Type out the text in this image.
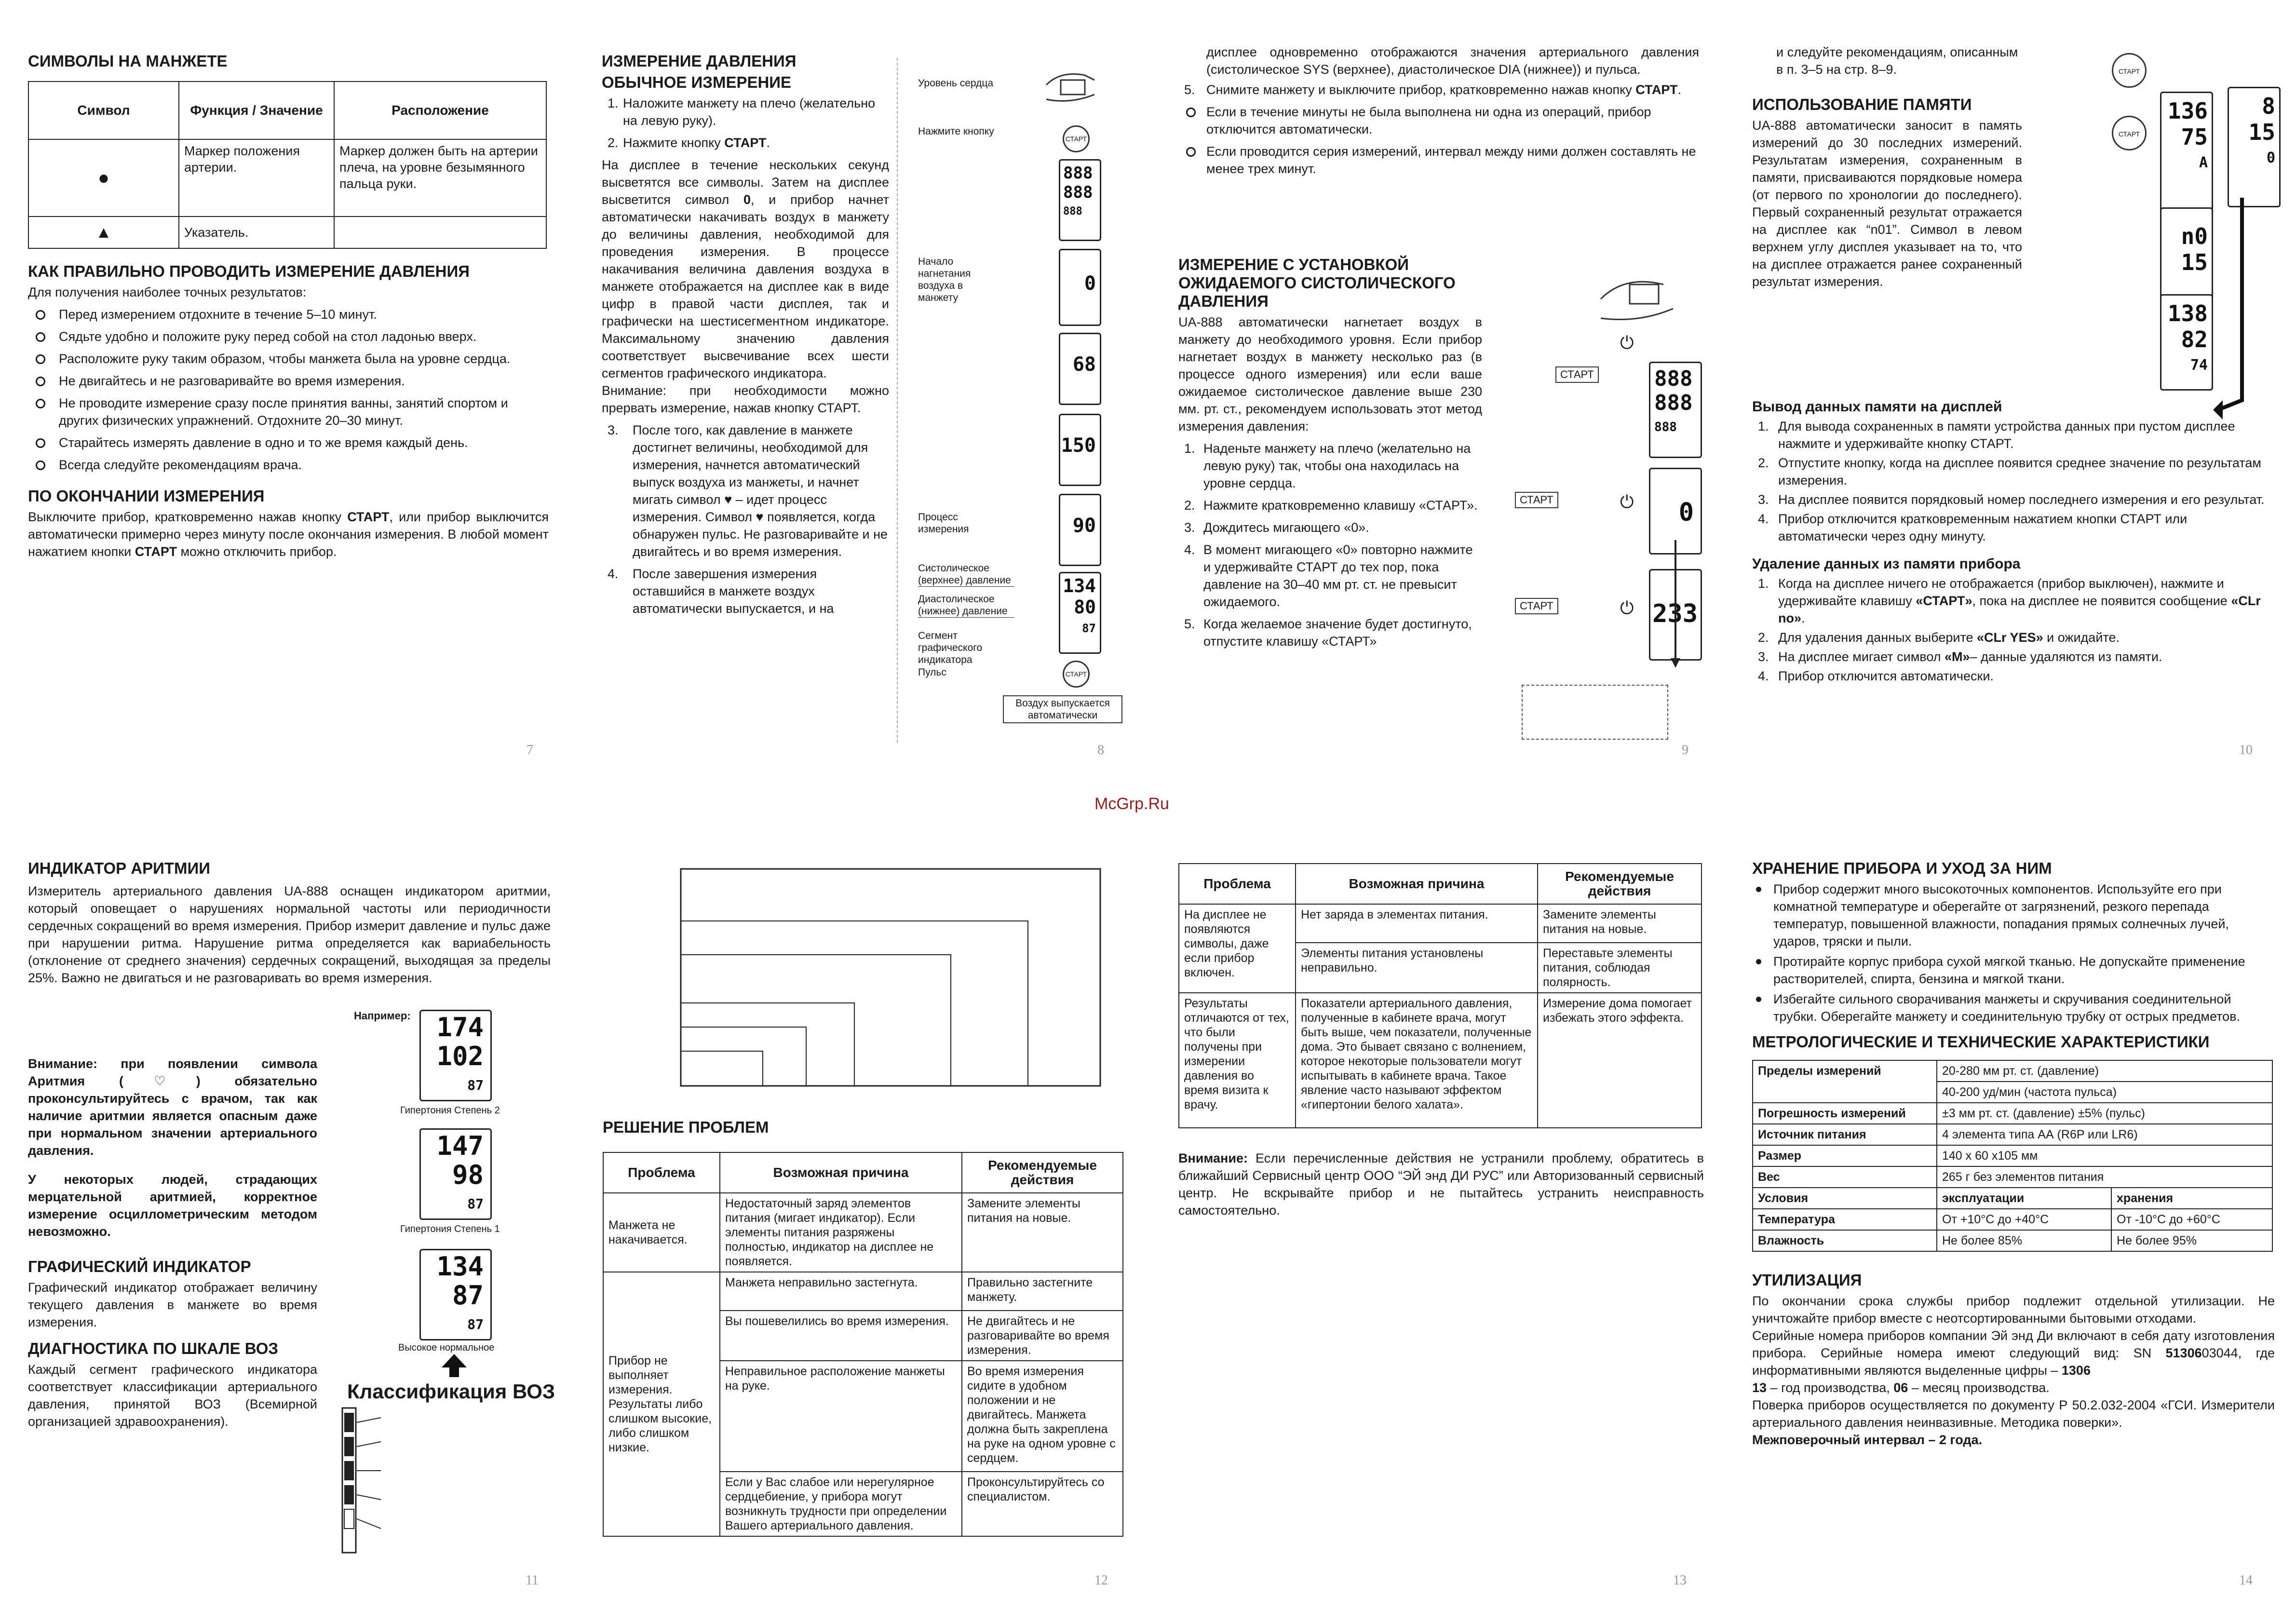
СИМВОЛЫ НА МАНЖЕТЕ
Символ	Функция / Значение	Расположение
●	Маркер положения артерии.	Маркер должен быть на артерии плеча, на уровне безымянного пальца руки.
▲	Указатель.	
КАК ПРАВИЛЬНО ПРОВОДИТЬ ИЗМЕРЕНИЕ ДАВЛЕНИЯ

Для получения наиболее точных результатов:

Перед измерением отдохните в течение 5–10 минут.
Сядьте удобно и положите руку перед собой на стол ладонью вверх.
Расположите руку таким образом, чтобы манжета была на уровне сердца.
Не двигайтесь и не разговаривайте во время измерения.
Не проводите измерение сразу после принятия ванны, занятий спортом и других физических упражнений. Отдохните 20–30 минут.
Старайтесь измерять давление в одно и то же время каждый день.
Всегда следуйте рекомендациям врача.
ПО ОКОНЧАНИИ ИЗМЕРЕНИЯ

Выключите прибор, кратковременно нажав кнопку СТАРТ, или прибор выключится автоматически примерно через минуту после окончания измерения. В любой момент нажатием кнопки СТАРТ можно отключить прибор.

7
ИЗМЕРЕНИЕ ДАВЛЕНИЯ
ОБЫЧНОЕ ИЗМЕРЕНИЕ
1. Наложите манжету на плечо (желательно на левую руку).
2. Нажмите кнопку СТАРТ.

На дисплее в течение нескольких секунд высветятся все символы. Затем на дисплее высветится символ 0, и прибор начнет автоматически накачивать воздух в манжету до величины давления, необходимой для проведения измерения. В процессе накачивания величина давления воздуха в манжете отображается на дисплее как в виде цифр в правой части дисплея, так и графически на шестисегментном индикаторе. Максимальному значению давления соответствует высвечивание всех шести сегментов графического индикатора.

Внимание: при необходимости можно прервать измерение, нажав кнопку СТАРТ.

3. После того, как давление в манжете достигнет величины, необходимой для измерения, начнется автоматический выпуск воздуха из манжеты, и начнет мигать символ ♥ – идет процесс измерения. Символ ♥ появляется, когда обнаружен пульс. Не разговаривайте и не двигайтесь и во время измерения.
4. После завершения измерения оставшийся в манжете воздух автоматически выпускается, и на
Уровень сердца
Нажмите кнопку
Начало нагнетания воздуха в манжету
Процесс измерения
Систолическое (верхнее) давление
Диастолическое (нижнее) давление
Сегмент графического индикатора
Пульс
Воздух выпускается автоматически
СТАРТ
888
888
888
0
68
150
90
134
80
87
СТАРТ
8

дисплее одновременно отображаются значения артериального давления (систолическое SYS (верхнее), диастолическое DIA (нижнее)) и пульса.

5. Снимите манжету и выключите прибор, кратковременно нажав кнопку СТАРТ.
Если в течение минуты не была выполнена ни одна из операций, прибор отключится автоматически.
Если проводится серия измерений, интервал между ними должен составлять не менее трех минут.
ИЗМЕРЕНИЕ С УСТАНОВКОЙ ОЖИДАЕМОГО СИСТОЛИЧЕСКОГО ДАВЛЕНИЯ

UA-888 автоматически нагнетает воздух в манжету до необходимого уровня. Если прибор нагнетает воздух в манжету несколько раз (в процессе одного измерения) или если ваше ожидаемое систолическое давление выше 230 мм. рт. ст., рекомендуем использовать этот метод измерения давления:

1. Наденьте манжету на плечо (желательно на левую руку) так, чтобы она находилась на уровне сердца.
2. Нажмите кратковременно клавишу «СТАРТ».
3. Дождитесь мигающего «0».
4. В момент мигающего «0» повторно нажмите и удерживайте СТАРТ до тех пор, пока давление на 30–40 мм рт. ст. не превысит ожидаемого.
5. Когда желаемое значение будет достигнуто, отпустите клавишу «СТАРТ»
⏻
СТАРТ	888
888
888
СТАРТ	⏻	0
СТАРТ	⏻ 233
9

и следуйте рекомендациям, описанным в п. 3–5 на стр. 8–9.

ИСПОЛЬЗОВАНИЕ ПАМЯТИ

UA-888 автоматически заносит в память измерений до 30 последних измерений. Результатам измерения, сохраненным в памяти, присваиваются порядковые номера (от первого по хронологии до последнего). Первый сохраненный результат отражается на дисплее как “n01”. Символ в левом верхнем углу дисплея указывает на то, что на дисплее отражается ранее сохраненный результат измерения.

Вывод данных памяти на дисплей
1. Для вывода сохраненных в памяти устройства данных при пустом дисплее нажмите и удерживайте кнопку СТАРТ.
2. Отпустите кнопку, когда на дисплее появится среднее значение по результатам измерения.
3. На дисплее появится порядковый номер последнего измерения и его результат.
4. Прибор отключится кратковременным нажатием кнопки СТАРТ или автоматически через одну минуту.
Удаление данных из памяти прибора
1. Когда на дисплее ничего не отображается (прибор выключен), нажмите и удерживайте клавишу «СТАРТ», пока на дисплее не появится сообщение «CLr no».
2. Для удаления данных выберите «CLr YES» и ожидайте.
3. На дисплее мигает символ «M»– данные удаляются из памяти.
4. Прибор отключится автоматически.
СТАРТ
СТАРТ
136
75
A
8
15
0
n0
15
138
82
74
10
McGrp.Ru
ИНДИКАТОР АРИТМИИ

Измеритель артериального давления UA-888 оснащен индикатором аритмии, который оповещает о нарушениях нормальной частоты или периодичности сердечных сокращений во время измерения. Прибор измерит давление и пульс даже при нарушении ритма. Нарушение ритма определяется как вариабельность (отклонение от среднего значения) сердечных сокращений, выходящая за пределы 25%. Важно не двигаться и не разговаривать во время измерения.

Внимание: при появлении символа Аритмия (♡) обязательно проконсультируйтесь с врачом, так как наличие аритмии является опасным даже при нормальном значении артериального давления.

У некоторых людей, страдающих мерцательной аритмией, корректное измерение осциллометрическим методом невозможно.

ГРАФИЧЕСКИЙ ИНДИКАТОР

Графический индикатор отображает величину текущего давления в манжете во время измерения.

ДИАГНОСТИКА ПО ШКАЛЕ ВОЗ

Каждый сегмент графического индикатора соответствует классификации артериального давления, принятой ВОЗ (Всемирной организацией здравоохранения).

Например: 174
102
87
Гипертония Степень 2
147
98
87
Гипертония Степень 1
134
87
87
Высокое нормальное
Классификация ВОЗ
11
РЕШЕНИЕ ПРОБЛЕМ
Проблема	Возможная причина	Рекомендуемые действия
Манжета не накачивается.	Недостаточный заряд элементов питания (мигает индикатор). Если элементы питания разряжены полностью, индикатор на дисплее не появляется.	Замените элементы питания на новые.
Прибор не выполняет измерения. Результаты либо слишком высокие, либо слишком низкие.	Манжета неправильно застегнута.	Правильно застегните манжету.
	Вы пошевелились во время измерения.	Не двигайтесь и не разговаривайте во время измерения.
	Неправильное расположение манжеты на руке.	Во время измерения сидите в удобном положении и не двигайтесь. Манжета должна быть закреплена на руке на одном уровне с сердцем.
	Если у Вас слабое или нерегулярное сердцебиение, у прибора могут возникнуть трудности при определении Вашего артериального давления.	Проконсультируйтесь со специалистом.
12
Проблема	Возможная причина	Рекомендуемые действия
На дисплее не появляются символы, даже если прибор включен.	Нет заряда в элементах питания.	Замените элементы питания на новые.
	Элементы питания установлены неправильно.	Переставьте элементы питания, соблюдая полярность.
Результаты отличаются от тех, что были получены при измерении давления во время визита к врачу.	Показатели артериального давления, полученные в кабинете врача, могут быть выше, чем показатели, полученные дома. Это бывает связано с волнением, которое некоторые пользователи могут испытывать в кабинете врача. Такое явление часто называют эффектом «гипертонии белого халата».	Измерение дома помогает избежать этого эффекта.

Внимание: Если перечисленные действия не устранили проблему, обратитесь в ближайший Сервисный центр ООО “ЭЙ энд ДИ РУС” или Авторизованный сервисный центр. Не вскрывайте прибор и не пытайтесь устранить неисправность самостоятельно.

13
ХРАНЕНИЕ ПРИБОРА И УХОД ЗА НИМ
Прибор содержит много высокоточных компонентов. Используйте его при комнатной температуре и оберегайте от загрязнений, резкого перепада температур, повышенной влажности, попадания прямых солнечных лучей, ударов, тряски и пыли.
Протирайте корпус прибора сухой мягкой тканью. Не допускайте применение растворителей, спирта, бензина и мягкой ткани.
Избегайте сильного сворачивания манжеты и скручивания соединительной трубки. Оберегайте манжету и соединительную трубку от острых предметов.
МЕТРОЛОГИЧЕСКИЕ И ТЕХНИЧЕСКИЕ ХАРАКТЕРИСТИКИ
Пределы измерений	20-280 мм рт. ст. (давление)	
	40-200 уд/мин (частота пульса)	
Погрешность измерений	±3 мм рт. ст. (давление) ±5% (пульс)	
Источник питания	4 элемента типа АА (R6P или LR6)	
Размер	140 х 60 х105 мм	
Вес	265 г без элементов питания	
Условия	эксплуатации	хранения
Температура	От +10°С до +40°С	От -10°С до +60°С
Влажность	Не более 85%	Не более 95%
УТИЛИЗАЦИЯ

По окончании срока службы прибор подлежит отдельной утилизации. Не уничтожайте прибор вместе с неотсортированными бытовыми отходами.

Серийные номера приборов компании Эй энд Ди включают в себя дату изготовления прибора. Серийные номера имеют следующий вид: SN 5130603044, где информативными являются выделенные цифры – 1306

13 – год производства, 06 – месяц производства.

Поверка приборов осуществляется по документу Р 50.2.032-2004 «ГСИ. Измерители артериального давления неинвазивные. Методика поверки».

Межповерочный интервал – 2 года.

14
